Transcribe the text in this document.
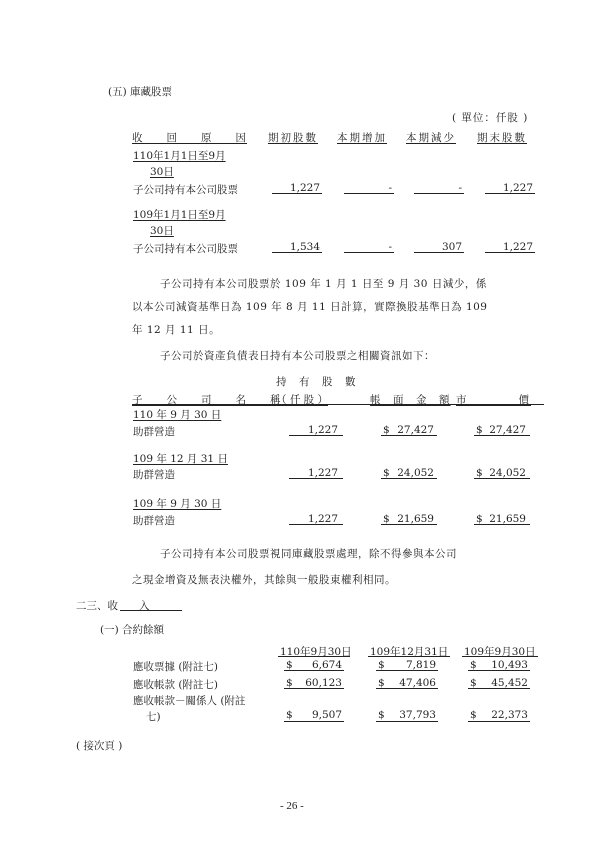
(五) 庫藏股票
( 單位：仟股 )
收　　回　　原　　因 期初股數 本期增加 本期減少 期末股數
110年1月1日至9月
30日
子公司持有本公司股票	1,227	-	-	1,227
109年1月1日至9月
30日
子公司持有本公司股票	1,534	-	307	1,227
子公司持有本公司股票於 109 年 1 月 1 日至 9 月 30 日減少，係
以本公司減資基準日為 109 年 8 月 11 日計算，實際換股基準日為 109
年 12 月 11 日。
子公司於資產負債表日持有本公司股票之相關資訊如下：
持　有　股　數
子　　公　　司　　名　　稱
（ 仟 股 ）	帳　面　金　額 市　　　　價
110 年 9 月 30 日
助群營造	1,227	$ 27,427	$ 27,427
109 年 12 月 31 日
助群營造	1,227	$ 24,052	$ 24,052
109 年 9 月 30 日
助群營造	1,227	$ 21,659	$ 21,659
子公司持有本公司股票視同庫藏股票處理，除不得參與本公司
之現金增資及無表決權外，其餘與一般股東權利相同。
二三、收　　入
(一) 合約餘額
110年9月30日 109年12月31日 109年9月30日
應收票據 (附註七)	$	6,674	$	7,819	$	10,493
應收帳款 (附註七)	$	60,123	$	47,406	$	45,452
應收帳款－關係人 (附註
七)	$	9,507	$	37,793	$	22,373
( 接次頁 )
- 26 -
